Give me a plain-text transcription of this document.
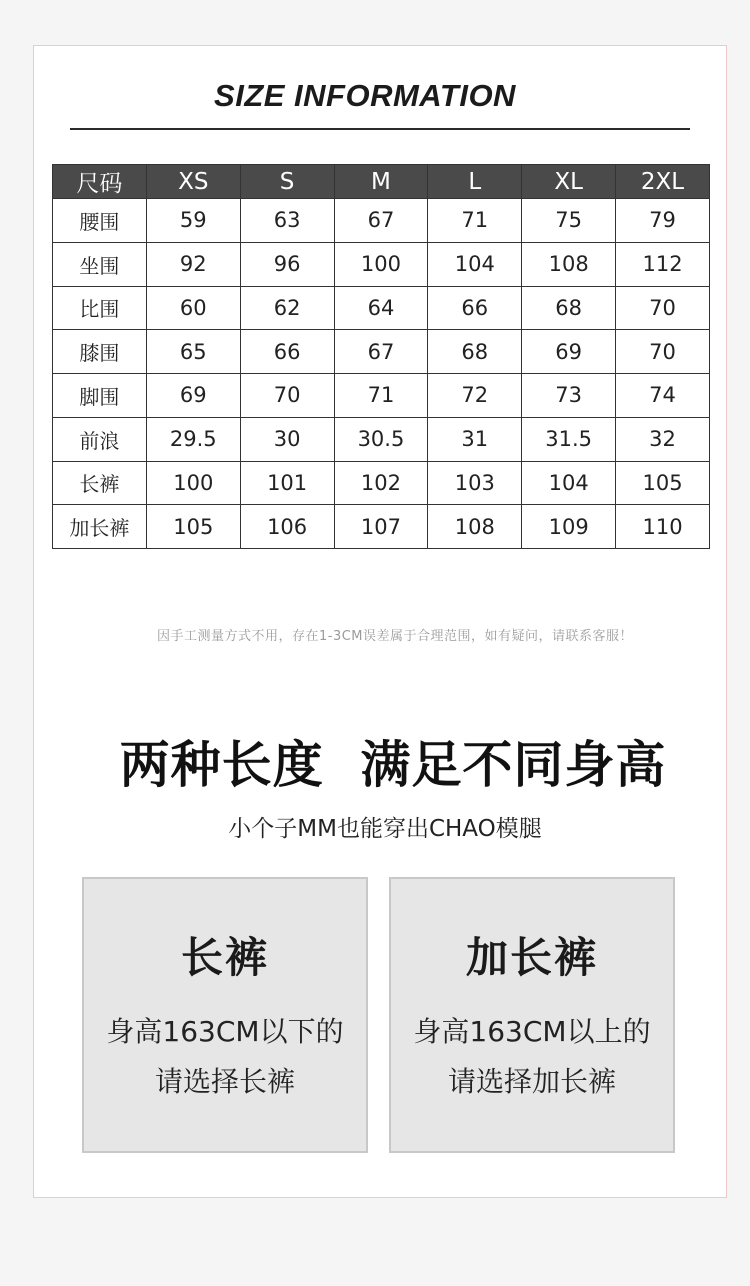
SIZE INFORMATION
尺码	XS	S	M	L	XL	2XL
腰围	59	63	67	71	75	79
坐围	92	96	100	104	108	112
比围	60	62	64	66	68	70
膝围	65	66	67	68	69	70
脚围	69	70	71	72	73	74
前浪	29.5	30	30.5	31	31.5	32
长裤	100	101	102	103	104	105
加长裤	105	106	107	108	109	110
因手工测量方式不用，存在1-3CM误差属于合理范围，如有疑问，请联系客服！
两种长度  满足不同身高
小个子MM也能穿出CHAO模腿
长裤
身高163CM以下的
请选择长裤
加长裤
身高163CM以上的
请选择加长裤
